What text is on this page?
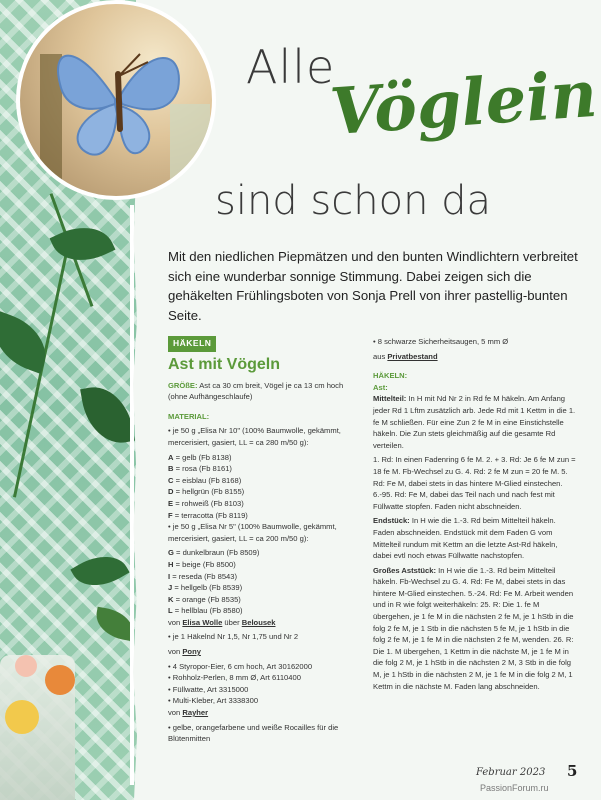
Alle
Vöglein
sind schon da
Mit den niedlichen Piepmätzen und den bunten Windlichtern verbreitet sich eine wunderbar sonnige Stimmung. Dabei zeigen sich die gehäkelten Frühlingsboten von Sonja Prell von ihrer pastellig-bunten Seite.
HÄKELN
Ast mit Vögeln

GRÖßE: Ast ca 30 cm breit, Vögel je ca 13 cm hoch (ohne Aufhängeschlaufe)

MATERIAL:

• je 50 g „Elisa Nr 10" (100% Baumwolle, gekämmt, mercerisiert, gasiert, LL = ca 280 m/50 g):

A = gelb (Fb 8138)
B = rosa (Fb 8161)
C = eisblau (Fb 8168)
D = hellgrün (Fb 8155)
E = rohweiß (Fb 8103)
F = terracotta (Fb 8119)

• je 50 g „Elisa Nr 5" (100% Baumwolle, gekämmt, mercerisiert, gasiert, LL = ca 200 m/50 g):

G = dunkelbraun (Fb 8509)
H = beige (Fb 8500)
I = reseda (Fb 8543)
J = hellgelb (Fb 8539)
K = orange (Fb 8535)
L = hellblau (Fb 8580)

von Elisa Wolle über Belousek

• je 1 Häkelnd Nr 1,5, Nr 1,75 und Nr 2

von Pony

• 4 Styropor-Eier, 6 cm hoch, Art 30162000
• Rohholz-Perlen, 8 mm Ø, Art 6110400
• Füllwatte, Art 3315000
• Multi-Kleber, Art 3338300

von Rayher

• gelbe, orangefarbene und weiße Rocailles für die Blütenmitten

• 8 schwarze Sicherheitsaugen, 5 mm Ø

aus Privatbestand

HÄKELN:

Ast:

Mittelteil: In H mit Nd Nr 2 in Rd fe M häkeln. Am Anfang jeder Rd 1 Lftm zusätzlich arb. Jede Rd mit 1 Kettm in die 1. fe M schließen. Für eine Zun 2 fe M in eine Einstichstelle häkeln. Die Zun stets gleichmäßig auf die gesamte Rd verteilen.

1. Rd: In einen Fadenring 6 fe M. 2. + 3. Rd: Je 6 fe M zun = 18 fe M. Fb-Wechsel zu G. 4. Rd: 2 fe M zun = 20 fe M. 5. Rd: Fe M, dabei stets in das hintere M-Glied einstechen. 6.-95. Rd: Fe M, dabei das Teil nach und nach fest mit Füllwatte stopfen. Faden nicht abschneiden.

Endstück: In H wie die 1.-3. Rd beim Mittelteil häkeln. Faden abschneiden. Endstück mit dem Faden G vom Mittelteil rundum mit Kettm an die letzte Ast-Rd häkeln, dabei evtl noch etwas Füllwatte nachstopfen.

Großes Aststück: In H wie die 1.-3. Rd beim Mittelteil häkeln. Fb-Wechsel zu G. 4. Rd: Fe M, dabei stets in das hintere M-Glied einstechen. 5.-24. Rd: Fe M. Arbeit wenden und in R wie folgt weiterhäkeln: 25. R: Die 1. fe M übergehen, je 1 fe M in die nächsten 2 fe M, je 1 hStb in die folg 2 fe M, je 1 Stb in die nächsten 5 fe M, je 1 hStb in die folg 2 fe M, je 1 fe M in die nächsten 2 fe M, wenden. 26. R: Die 1. M übergehen, 1 Kettm in die nächste M, je 1 fe M in die folg 2 M, je 1 hStb in die nächsten 2 M, 3 Stb in die folg M, je 1 hStb in die nächsten 2 M, je 1 fe M in die folg 2 M, 1 Kettm in die nächste M. Faden lang abschneiden.

Februar 2023 5
PassionForum.ru
